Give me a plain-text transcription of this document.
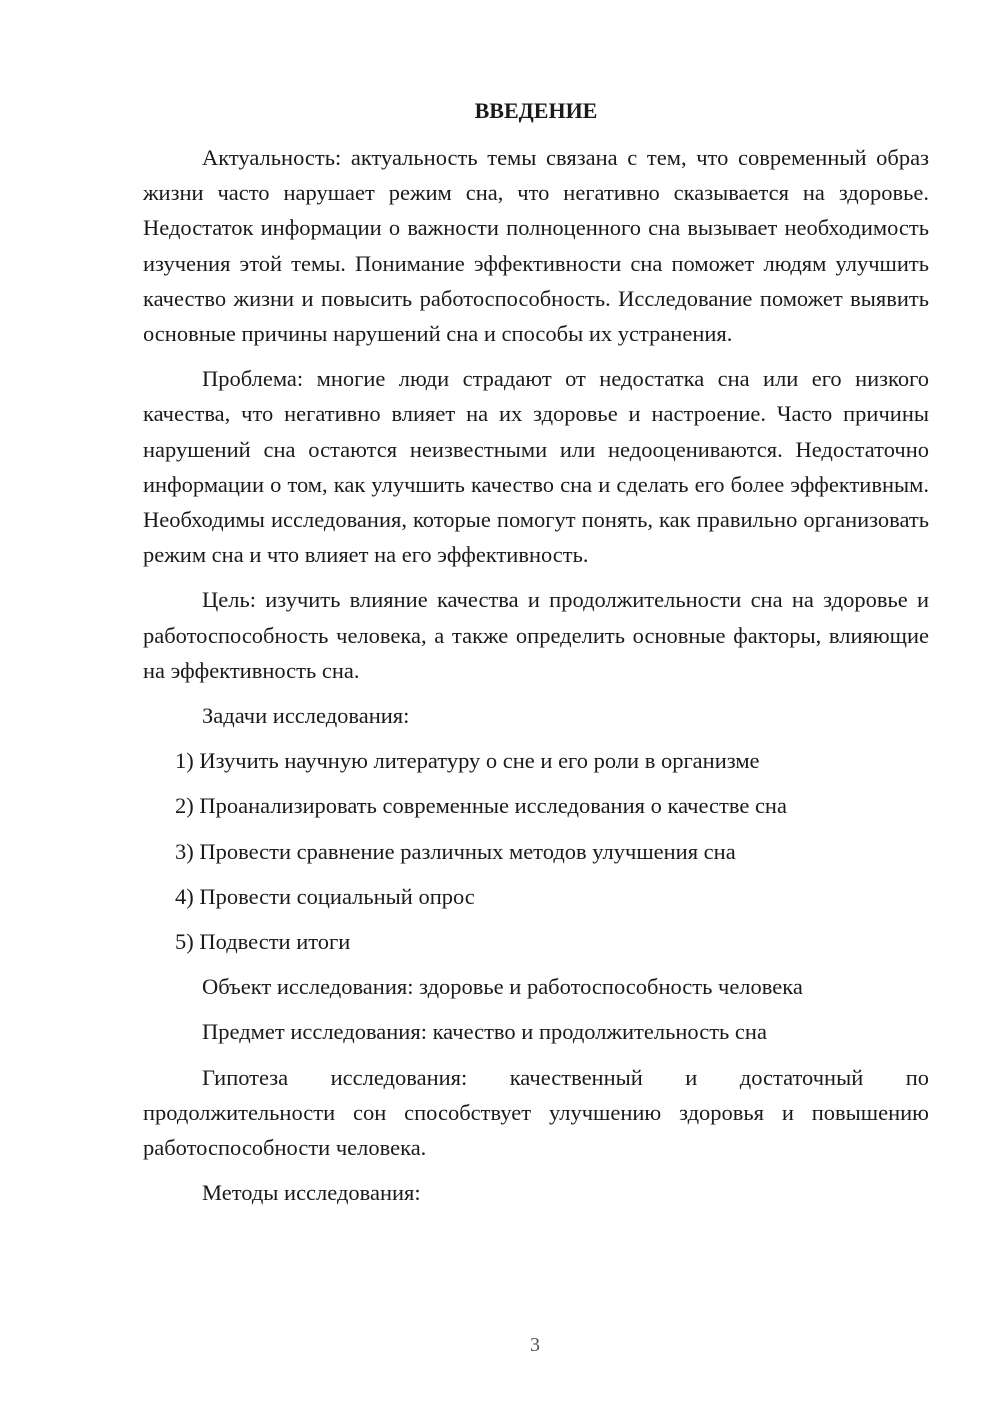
ВВЕДЕНИЕ
Актуальность: актуальность темы связана с тем, что современный образ жизни часто нарушает режим сна, что негативно сказывается на здоровье. Недостаток информации о важности полноценного сна вызывает необходимость изучения этой темы. Понимание эффективности сна поможет людям улучшить качество жизни и повысить работоспособность. Исследование поможет выявить основные причины нарушений сна и способы их устранения.
Проблема: многие люди страдают от недостатка сна или его низкого качества, что негативно влияет на их здоровье и настроение. Часто причины нарушений сна остаются неизвестными или недооцениваются. Недостаточно информации о том, как улучшить качество сна и сделать его более эффективным. Необходимы исследования, которые помогут понять, как правильно организовать режим сна и что влияет на его эффективность.
Цель: изучить влияние качества и продолжительности сна на здоровье и работоспособность человека, а также определить основные факторы, влияющие на эффективность сна.
Задачи исследования:
1) Изучить научную литературу о сне и его роли в организме
2) Проанализировать современные исследования о качестве сна
3) Провести сравнение различных методов улучшения сна
4) Провести социальный опрос
5) Подвести итоги
Объект исследования: здоровье и работоспособность человека
Предмет исследования: качество и продолжительность сна
Гипотеза исследования: качественный и достаточный по продолжительности сон способствует улучшению здоровья и повышению работоспособности человека.
Методы исследования:
3
